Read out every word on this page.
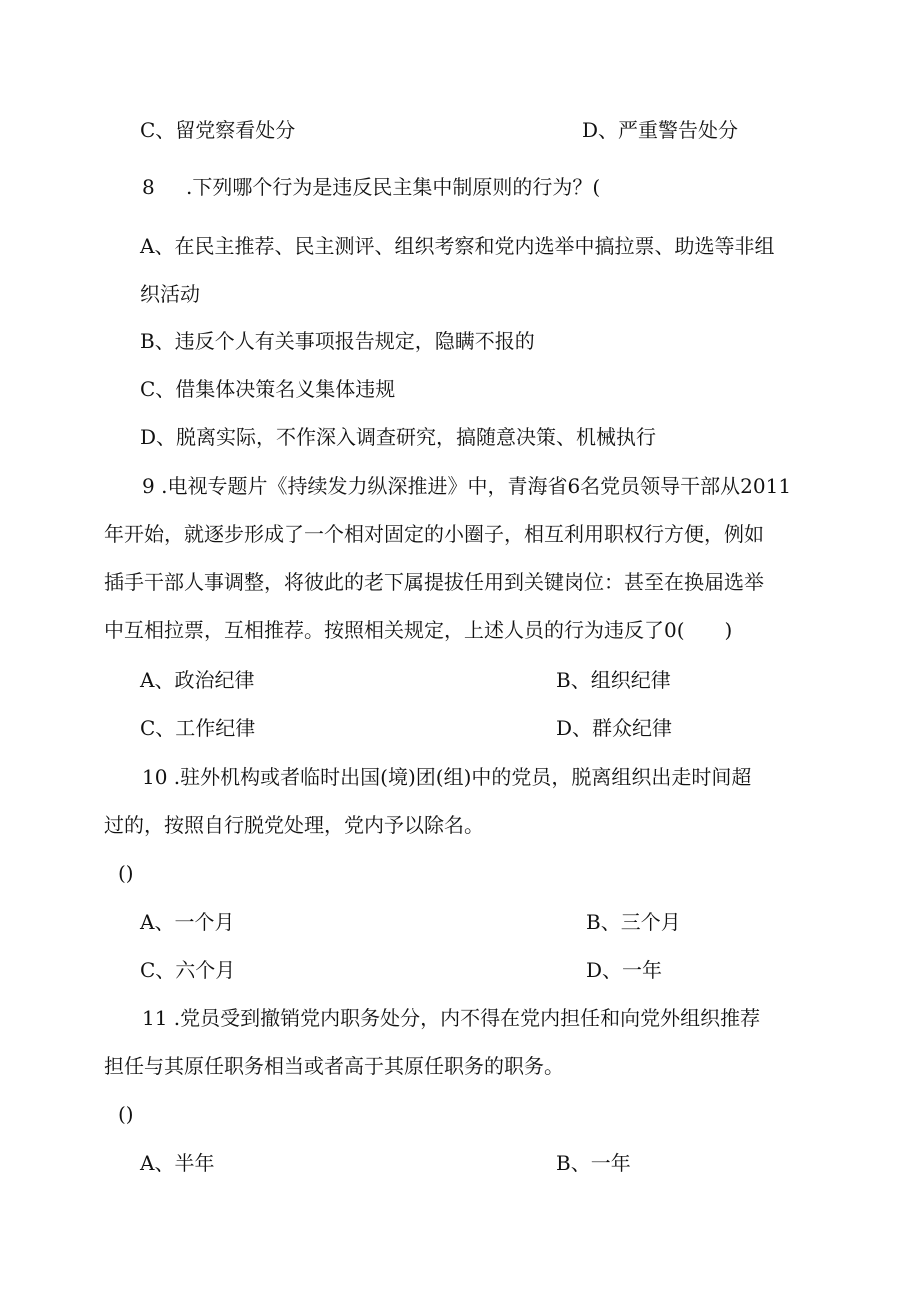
C、留党察看处分	D、严重警告处分
8 .下列哪个行为是违反民主集中制原则的行为？(
A、在民主推荐、民主测评、组织考察和党内选举中搞拉票、助选等非组
织活动
B、违反个人有关事项报告规定，隐瞒不报的
C、借集体决策名义集体违规
D、脱离实际，不作深入调查研究，搞随意决策、机械执行
9 .电视专题片《持续发力纵深推进》中，青海省6名党员领导干部从2011
年开始，就逐步形成了一个相对固定的小圈子，相互利用职权行方便，例如
插手干部人事调整，将彼此的老下属提拔任用到关键岗位：甚至在换届选举
中互相拉票，互相推荐。按照相关规定，上述人员的行为违反了0(　　)
A、政治纪律	B、组织纪律
C、工作纪律	D、群众纪律
10 .驻外机构或者临时出国(境)团(组)中的党员，脱离组织出走时间超
过的，按照自行脱党处理，党内予以除名。
()
A、一个月	B、三个月
C、六个月	D、一年
11 .党员受到撤销党内职务处分，内不得在党内担任和向党外组织推荐
担任与其原任职务相当或者高于其原任职务的职务。
()
A、半年	B、一年
